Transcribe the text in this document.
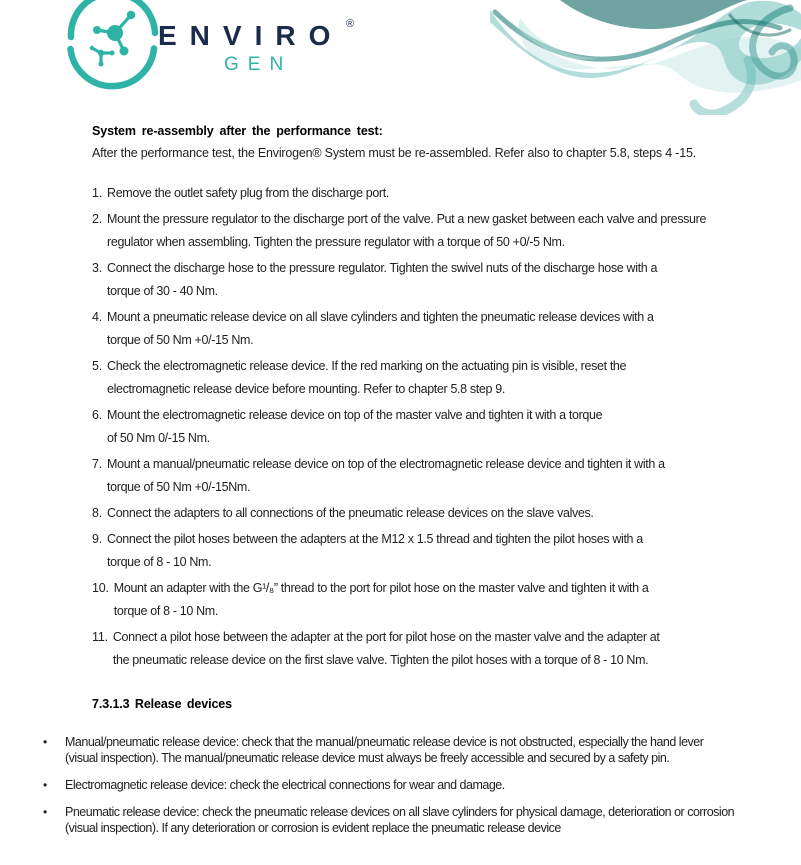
ENVIRO ®
GEN
System re-assembly after the performance test:
After the performance test, the Envirogen® System must be re-assembled. Refer also to chapter 5.8, steps 4 -15.
1. Remove the outlet safety plug from the discharge port.
2. Mount the pressure regulator to the discharge port of the valve. Put a new gasket between each valve and pressure
regulator when assembling. Tighten the pressure regulator with a torque of 50 +0/-5 Nm.
3. Connect the discharge hose to the pressure regulator. Tighten the swivel nuts of the discharge hose with a
torque of 30 - 40 Nm.
4. Mount a pneumatic release device on all slave cylinders and tighten the pneumatic release devices with a
torque of 50 Nm +0/-15 Nm.
5. Check the electromagnetic release device. If the red marking on the actuating pin is visible, reset the
electromagnetic release device before mounting. Refer to chapter 5.8 step 9.
6. Mount the electromagnetic release device on top of the master valve and tighten it with a torque
of 50 Nm 0/-15 Nm.
7. Mount a manual/pneumatic release device on top of the electromagnetic release device and tighten it with a
torque of 50 Nm +0/-15Nm.
8. Connect the adapters to all connections of the pneumatic release devices on the slave valves.
9. Connect the pilot hoses between the adapters at the M12 x 1.5 thread and tighten the pilot hoses with a
torque of 8 - 10 Nm.
10. Mount an adapter with the G¹/₈” thread to the port for pilot hose on the master valve and tighten it with a
torque of 8 - 10 Nm.
11. Connect a pilot hose between the adapter at the port for pilot hose on the master valve and the adapter at
the pneumatic release device on the first slave valve. Tighten the pilot hoses with a torque of 8 - 10 Nm.
7.3.1.3 Release devices
•	Manual/pneumatic release device: check that the manual/pneumatic release device is not obstructed, especially the hand lever
(visual inspection). The manual/pneumatic release device must always be freely accessible and secured by a safety pin.
•	Electromagnetic release device: check the electrical connections for wear and damage.
•	Pneumatic release device: check the pneumatic release devices on all slave cylinders for physical damage, deterioration or corrosion
(visual inspection). If any deterioration or corrosion is evident replace the pneumatic release device
